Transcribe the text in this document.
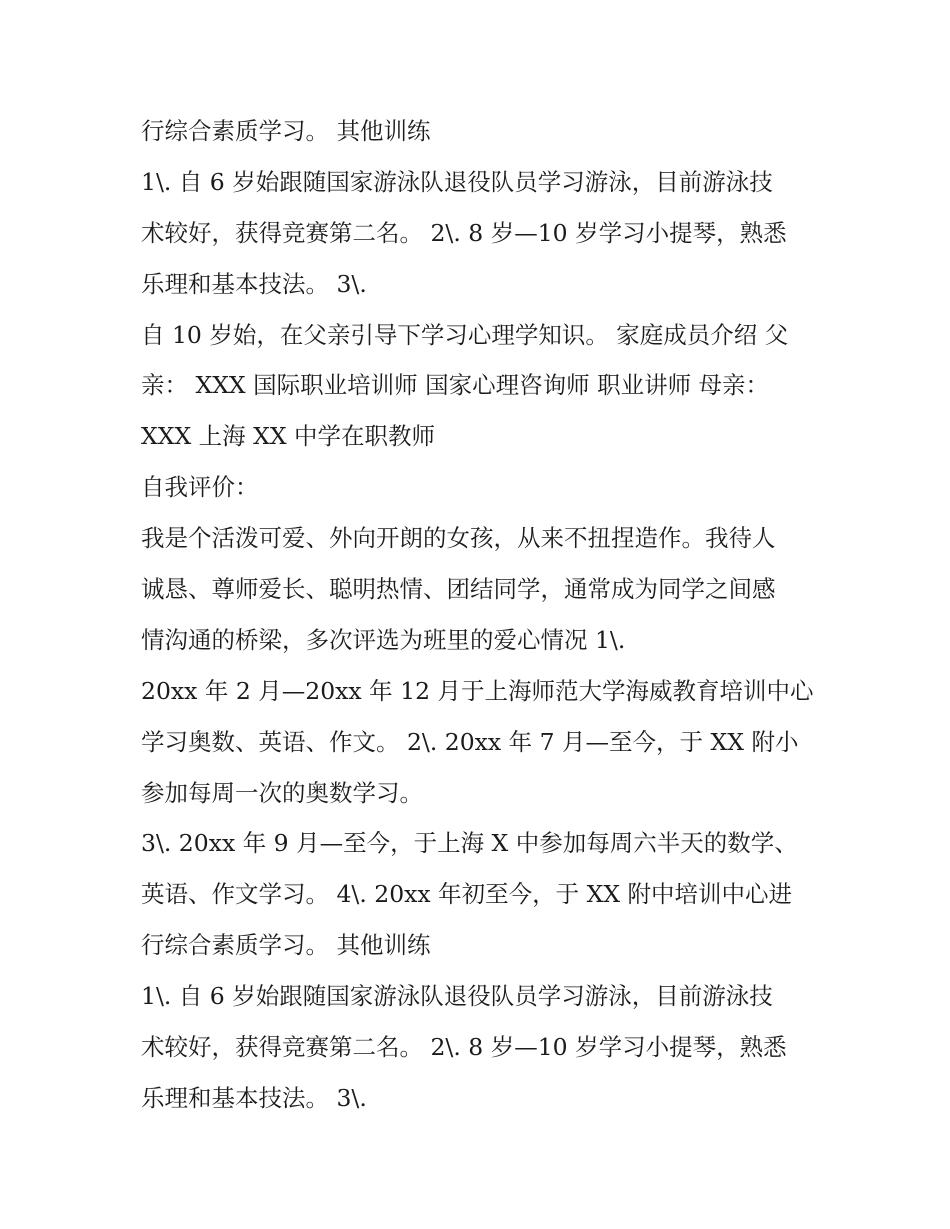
行综合素质学习。 其他训练
1\. 自 6 岁始跟随国家游泳队退役队员学习游泳，目前游泳技
术较好，获得竞赛第二名。 2\. 8 岁—10 岁学习小提琴，熟悉
乐理和基本技法。 3\.
自 10 岁始，在父亲引导下学习心理学知识。 家庭成员介绍 父
亲： XXX 国际职业培训师 国家心理咨询师 职业讲师 母亲：
XXX 上海 XX 中学在职教师
自我评价：
我是个活泼可爱、外向开朗的女孩，从来不扭捏造作。我待人
诚恳、尊师爱长、聪明热情、团结同学，通常成为同学之间感
情沟通的桥梁，多次评选为班里的爱心情况 1\.
20xx 年 2 月—20xx 年 12 月于上海师范大学海威教育培训中心
学习奥数、英语、作文。 2\. 20xx 年 7 月—至今，于 XX 附小
参加每周一次的奥数学习。
3\. 20xx 年 9 月—至今，于上海 X 中参加每周六半天的数学、
英语、作文学习。 4\. 20xx 年初至今，于 XX 附中培训中心进
行综合素质学习。 其他训练
1\. 自 6 岁始跟随国家游泳队退役队员学习游泳，目前游泳技
术较好，获得竞赛第二名。 2\. 8 岁—10 岁学习小提琴，熟悉
乐理和基本技法。 3\.
